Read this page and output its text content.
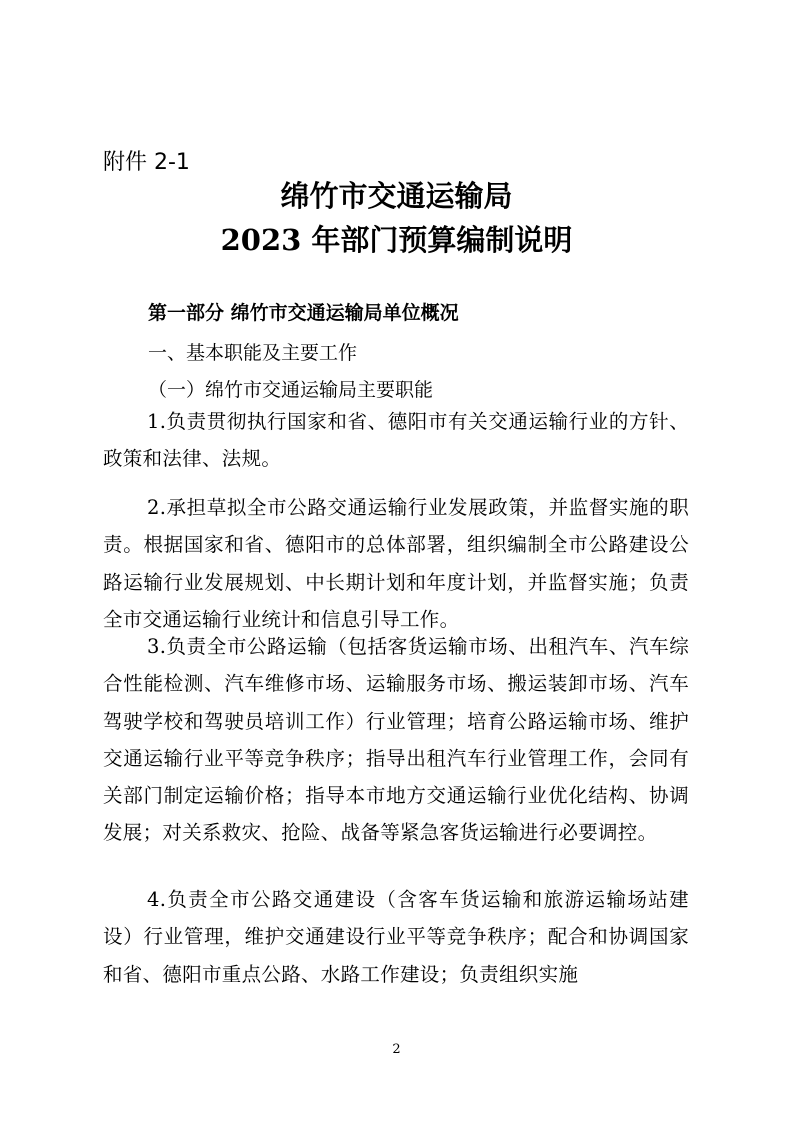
附件 2-1
绵竹市交通运输局
2023 年部门预算编制说明
第一部分 绵竹市交通运输局单位概况
一、基本职能及主要工作
（一）绵竹市交通运输局主要职能
1.负责贯彻执行国家和省、德阳市有关交通运输行业的方针、政策和法律、法规。
2.承担草拟全市公路交通运输行业发展政策，并监督实施的职责。根据国家和省、德阳市的总体部署，组织编制全市公路建设公路运输行业发展规划、中长期计划和年度计划，并监督实施；负责全市交通运输行业统计和信息引导工作。
3.负责全市公路运输（包括客货运输市场、出租汽车、汽车综合性能检测、汽车维修市场、运输服务市场、搬运装卸市场、汽车驾驶学校和驾驶员培训工作）行业管理；培育公路运输市场、维护交通运输行业平等竞争秩序；指导出租汽车行业管理工作，会同有关部门制定运输价格；指导本市地方交通运输行业优化结构、协调发展；对关系救灾、抢险、战备等紧急客货运输进行必要调控。
4.负责全市公路交通建设（含客车货运输和旅游运输场站建设）行业管理，维护交通建设行业平等竞争秩序；配合和协调国家和省、德阳市重点公路、水路工作建设；负责组织实施
2
